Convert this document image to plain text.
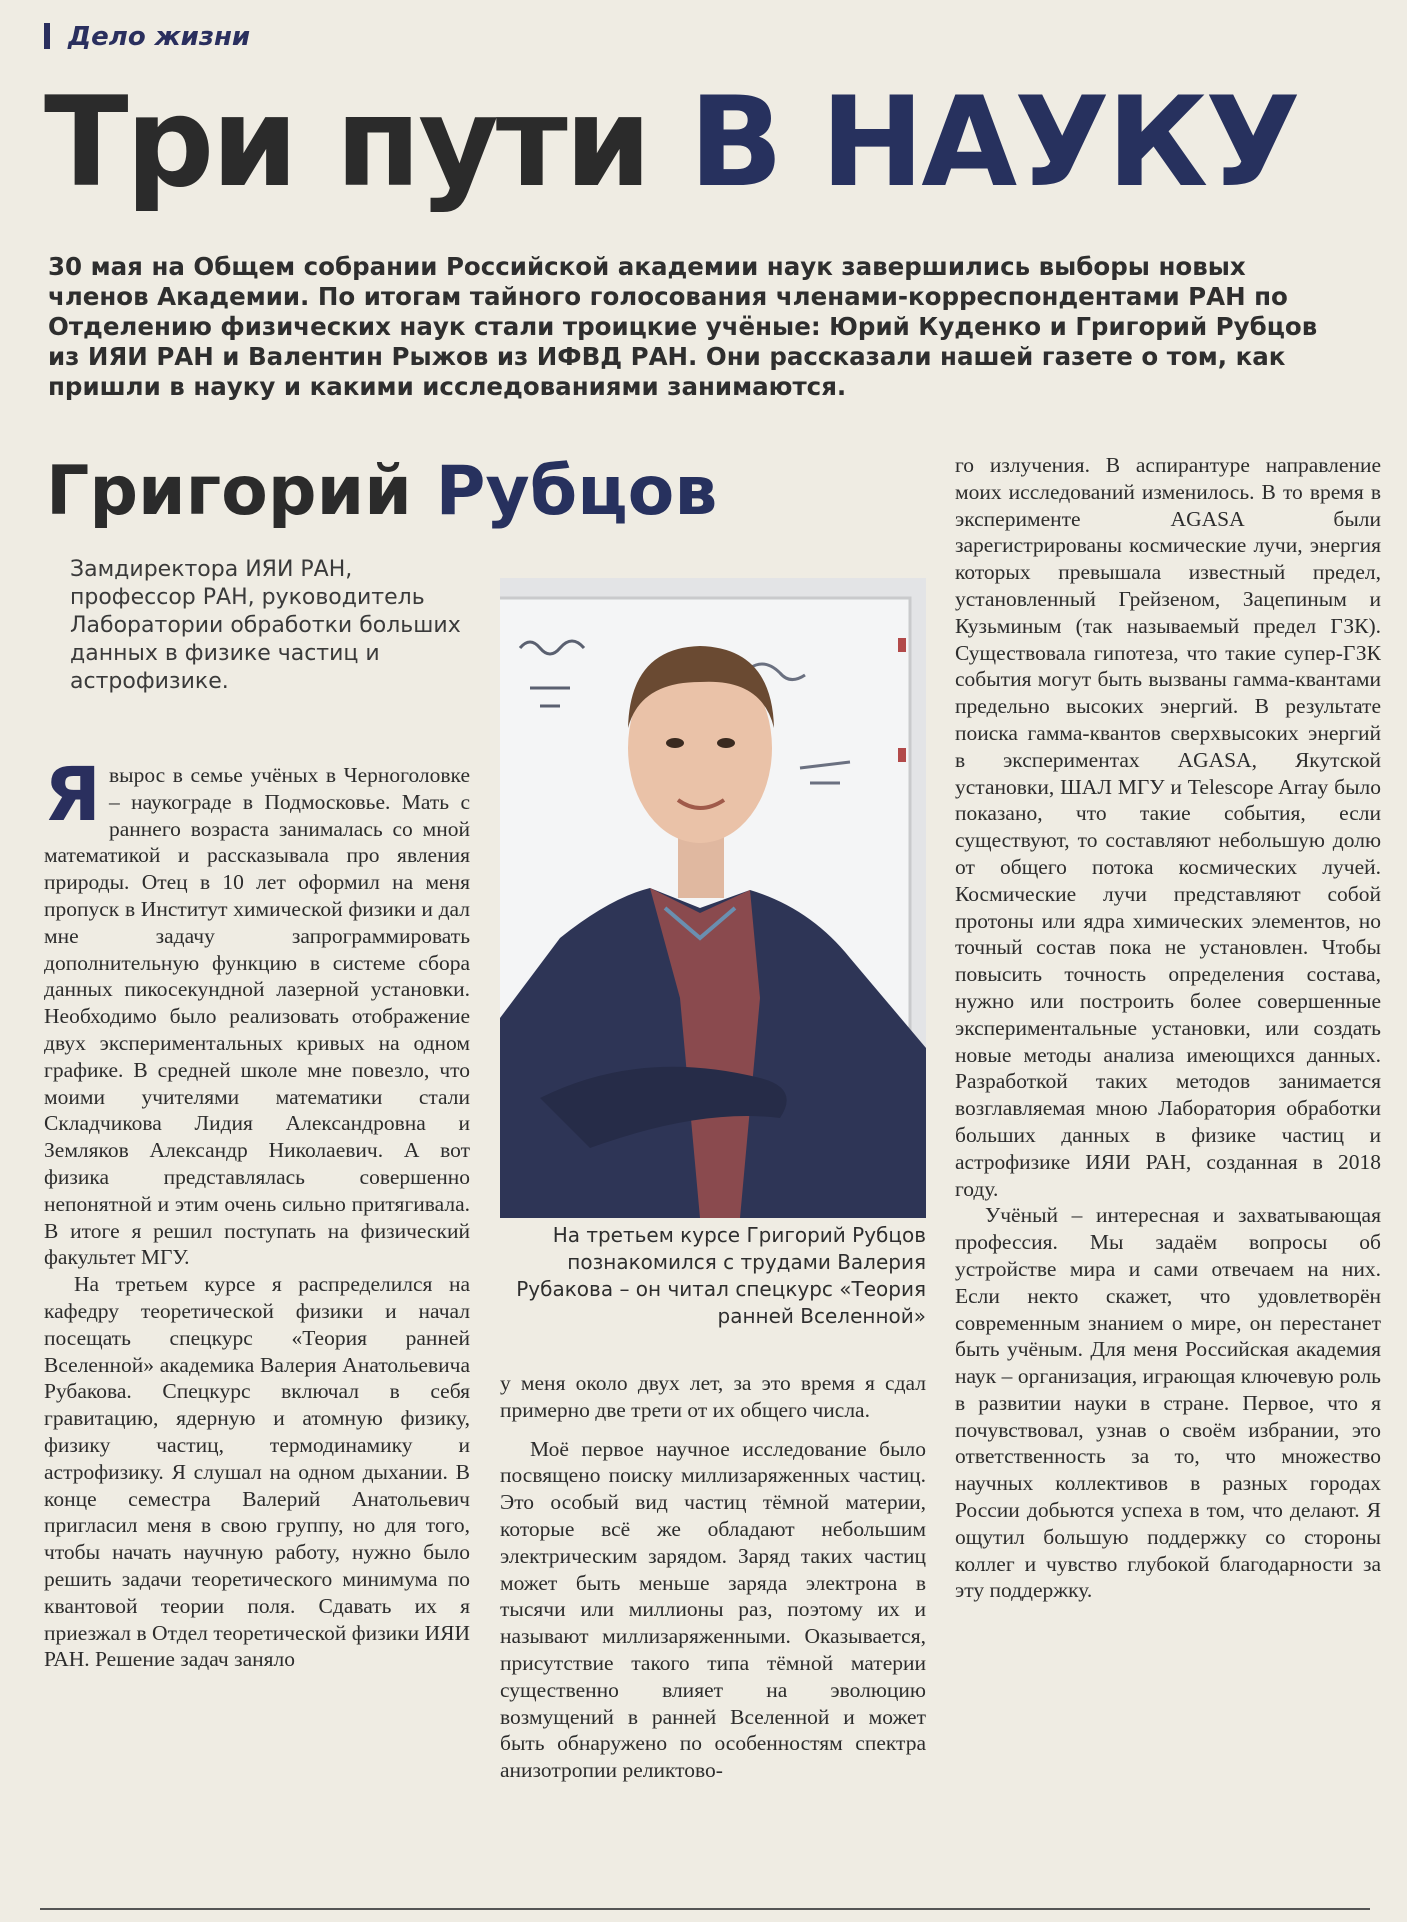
Дело жизни
Три пути В НАУКУ
30 мая на Общем собрании Российской академии наук завершились выборы новых членов Академии. По итогам тайного голосования членами-корреспондентами РАН по Отделению физических наук стали троицкие учёные: Юрий Куденко и Григорий Рубцов из ИЯИ РАН и Валентин Рыжов из ИФВД РАН. Они рассказали нашей газете о том, как пришли в науку и какими исследованиями занимаются.
Григорий Рубцов
Замдиректора ИЯИ РАН, профессор РАН, руководитель Лаборатории обработки больших данных в физике частиц и астрофизике.

Я вырос в семье учёных в Черноголовке – наукограде в Подмосковье. Мать с раннего возраста занималась со мной математикой и рассказывала про явления природы. Отец в 10 лет оформил на меня пропуск в Институт химической физики и дал мне задачу запрограммировать дополнительную функцию в системе сбора данных пикосекундной лазерной установки. Необходимо было реализовать отображение двух экспериментальных кривых на одном графике. В средней школе мне повезло, что моими учителями математики стали Складчикова Лидия Александровна и Земляков Александр Николаевич. А вот физика представлялась совершенно непонятной и этим очень сильно притягивала. В итоге я решил поступать на физический факультет МГУ.

На третьем курсе я распределился на кафедру теоретической физики и начал посещать спецкурс «Теория ранней Вселенной» академика Валерия Анатольевича Рубакова. Спецкурс включал в себя гравитацию, ядерную и атомную физику, физику частиц, термодинамику и астрофизику. Я слушал на одном дыхании. В конце семестра Валерий Анатольевич пригласил меня в свою группу, но для того, чтобы начать научную работу, нужно было решить задачи теоретического минимума по квантовой теории поля. Сдавать их я приезжал в Отдел теоретической физики ИЯИ РАН. Решение задач заняло

На третьем курсе Григорий Рубцов познакомился с трудами Валерия Рубакова – он читал спецкурс «Теория ранней Вселенной»

у меня около двух лет, за это время я сдал примерно две трети от их общего числа.

Моё первое научное исследование было посвящено поиску миллизаряженных частиц. Это особый вид частиц тёмной материи, которые всё же обладают небольшим электрическим зарядом. Заряд таких частиц может быть меньше заряда электрона в тысячи или миллионы раз, поэтому их и называют миллизаряженными. Оказывается, присутствие такого типа тёмной материи существенно влияет на эволюцию возмущений в ранней Вселенной и может быть обнаружено по особенностям спектра анизотропии реликтово-

го излучения. В аспирантуре направление моих исследований изменилось. В то время в эксперименте AGASA были зарегистрированы космические лучи, энергия которых превышала известный предел, установленный Грейзеном, Зацепиным и Кузьминым (так называемый предел ГЗК). Существовала гипотеза, что такие супер-ГЗК события могут быть вызваны гамма-квантами предельно высоких энергий. В результате поиска гамма-квантов сверхвысоких энергий в экспериментах AGASA, Якутской установки, ШАЛ МГУ и Telescope Array было показано, что такие события, если существуют, то составляют небольшую долю от общего потока космических лучей. Космические лучи представляют собой протоны или ядра химических элементов, но точный состав пока не установлен. Чтобы повысить точность определения состава, нужно или построить более совершенные экспериментальные установки, или создать новые методы анализа имеющихся данных. Разработкой таких методов занимается возглавляемая мною Лаборатория обработки больших данных в физике частиц и астрофизике ИЯИ РАН, созданная в 2018 году.

Учёный – интересная и захватывающая профессия. Мы задаём вопросы об устройстве мира и сами отвечаем на них. Если некто скажет, что удовлетворён современным знанием о мире, он перестанет быть учёным. Для меня Российская академия наук – организация, играющая ключевую роль в развитии науки в стране. Первое, что я почувствовал, узнав о своём избрании, это ответственность за то, что множество научных коллективов в разных городах России добьются успеха в том, что делают. Я ощутил большую поддержку со стороны коллег и чувство глубокой благодарности за эту поддержку.
